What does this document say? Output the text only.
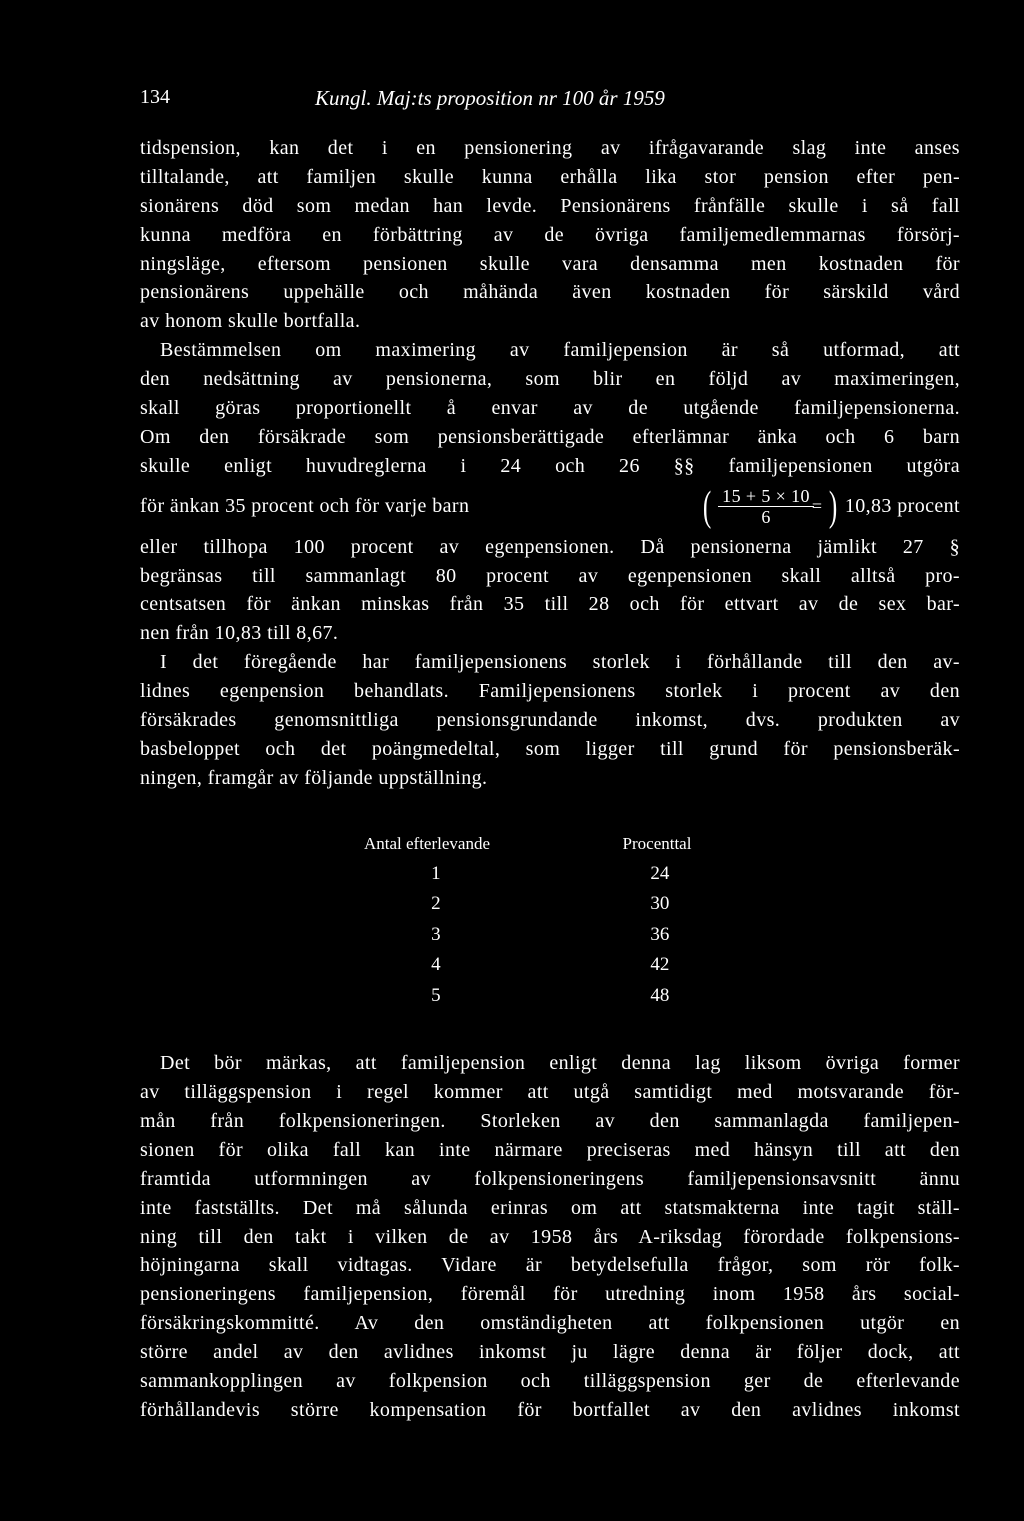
134	Kungl. Maj:ts proposition nr 100 år 1959
tidspension, kan det i en pensionering av ifrågavarande slag inte anses
tilltalande, att familjen skulle kunna erhålla lika stor pension efter pen-
sionärens död som medan han levde. Pensionärens frånfälle skulle i så fall
kunna medföra en förbättring av de övriga familjemedlemmarnas försörj-
ningsläge, eftersom pensionen skulle vara densamma men kostnaden för
pensionärens uppehälle och måhända även kostnaden för särskild vård
av honom skulle bortfalla.
Bestämmelsen om maximering av familjepension är så utformad, att
den nedsättning av pensionerna, som blir en följd av maximeringen,
skall göras proportionellt å envar av de utgående familjepensionerna.
Om den försäkrade som pensionsberättigade efterlämnar änka och 6 barn
skulle enligt huvudreglerna i 24 och 26 §§ familjepensionen utgöra
för änkan 35 procent och för varje barn	( $\frac{15 + 5 \times 10}{6}$
= ) 10,83 procent
eller tillhopa 100 procent av egenpensionen. Då pensionerna jämlikt 27 §
begränsas till sammanlagt 80 procent av egenpensionen skall alltså pro-
centsatsen för änkan minskas från 35 till 28 och för ettvart av de sex bar-
nen från 10,83 till 8,67.
I det föregående har familjepensionens storlek i förhållande till den av-
lidnes egenpension behandlats. Familjepensionens storlek i procent av den
försäkrades genomsnittliga pensionsgrundande inkomst, dvs. produkten av
basbeloppet och det poängmedeltal, som ligger till grund för pensionsberäk-
ningen, framgår av följande uppställning.
Antal efterlevande	Procenttal
1	24
2	30
3	36
4	42
5	48
Det bör märkas, att familjepension enligt denna lag liksom övriga former
av tilläggspension i regel kommer att utgå samtidigt med motsvarande för-
mån från folkpensioneringen. Storleken av den sammanlagda familjepen-
sionen för olika fall kan inte närmare preciseras med hänsyn till att den
framtida utformningen av folkpensioneringens familjepensionsavsnitt ännu
inte fastställts. Det må sålunda erinras om att statsmakterna inte tagit ställ-
ning till den takt i vilken de av 1958 års A-riksdag förordade folkpensions-
höjningarna skall vidtagas. Vidare är betydelsefulla frågor, som rör folk-
pensioneringens familjepension, föremål för utredning inom 1958 års social-
försäkringskommitté. Av den omständigheten att folkpensionen utgör en
större andel av den avlidnes inkomst ju lägre denna är följer dock, att
sammankopplingen av folkpension och tilläggspension ger de efterlevande
förhållandevis större kompensation för bortfallet av den avlidnes inkomst
